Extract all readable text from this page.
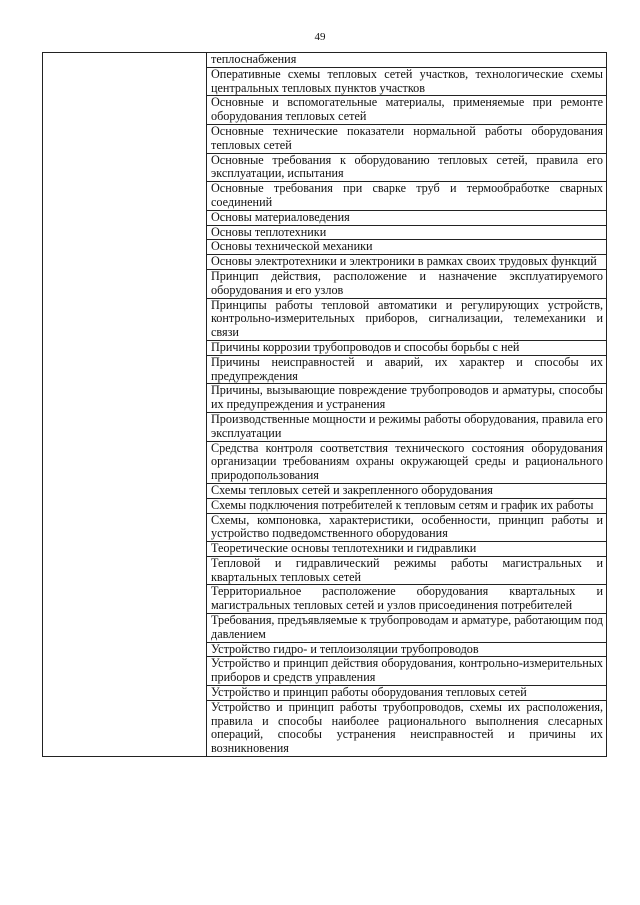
49
	теплоснабжения
Оперативные схемы тепловых сетей участков, технологические схемы центральных тепловых пунктов участков
Основные и вспомогательные материалы, применяемые при ремонте оборудования тепловых сетей
Основные технические показатели нормальной работы оборудования тепловых сетей
Основные требования к оборудованию тепловых сетей, правила его эксплуатации, испытания
Основные требования при сварке труб и термообработке сварных соединений
Основы материаловедения
Основы теплотехники
Основы технической механики
Основы электротехники и электроники в рамках своих трудовых функций
Принцип действия, расположение и назначение эксплуатируемого оборудования и его узлов
Принципы работы тепловой автоматики и регулирующих устройств, контрольно-измерительных приборов, сигнализации, телемеханики и связи
Причины коррозии трубопроводов и способы борьбы с ней
Причины неисправностей и аварий, их характер и способы их предупреждения
Причины, вызывающие повреждение трубопроводов и арматуры, способы их предупреждения и устранения
Производственные мощности и режимы работы оборудования, правила его эксплуатации
Средства контроля соответствия технического состояния оборудования организации требованиям охраны окружающей среды и рационального природопользования
Схемы тепловых сетей и закрепленного оборудования
Схемы подключения потребителей к тепловым сетям и график их работы
Схемы, компоновка, характеристики, особенности, принцип работы и устройство подведомственного оборудования
Теоретические основы теплотехники и гидравлики
Тепловой и гидравлический режимы работы магистральных и квартальных тепловых сетей
Территориальное расположение оборудования квартальных и магистральных тепловых сетей и узлов присоединения потребителей
Требования, предъявляемые к трубопроводам и арматуре, работающим под давлением
Устройство гидро- и теплоизоляции трубопроводов
Устройство и принцип действия оборудования, контрольно-измерительных приборов и средств управления
Устройство и принцип работы оборудования тепловых сетей
Устройство и принцип работы трубопроводов, схемы их расположения, правила и способы наиболее рационального выполнения слесарных операций, способы устранения неисправностей и причины их возникновения
